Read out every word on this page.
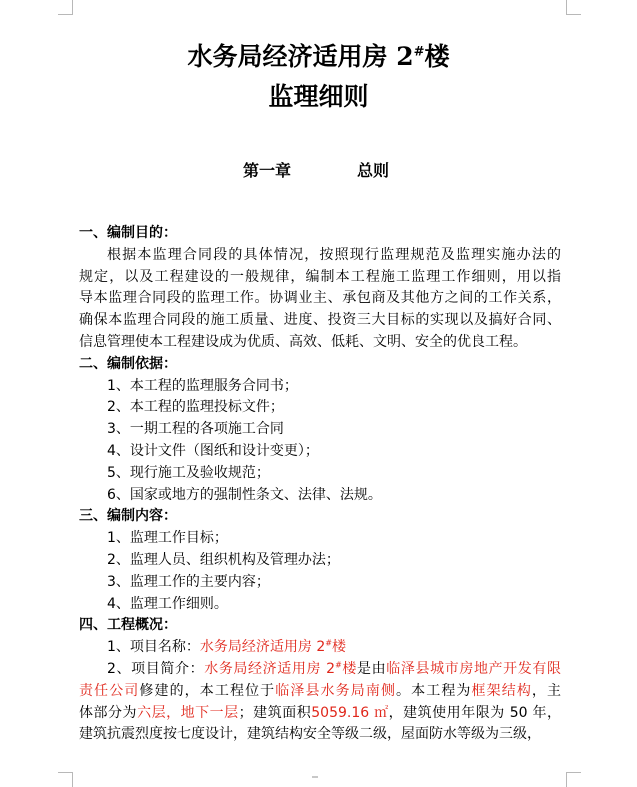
水务局经济适用房 2#楼
监理细则
第一章	总则
一、编制目的：
根据本监理合同段的具体情况，按照现行监理规范及监理实施办法的
规定，以及工程建设的一般规律，编制本工程施工监理工作细则，用以指
导本监理合同段的监理工作。协调业主、承包商及其他方之间的工作关系，
确保本监理合同段的施工质量、进度、投资三大目标的实现以及搞好合同、
信息管理使本工程建设成为优质、高效、低耗、文明、安全的优良工程。
二、编制依据：
1、本工程的监理服务合同书；
2、本工程的监理投标文件；
3、一期工程的各项施工合同
4、设计文件（图纸和设计变更）；
5、现行施工及验收规范；
6、国家或地方的强制性条文、法律、法规。
三、编制内容：
1、监理工作目标；
2、监理人员、组织机构及管理办法；
3、监理工作的主要内容；
4、监理工作细则。
四、工程概况：
1、项目名称：水务局经济适用房 2#楼
2、项目简介：水务局经济适用房 2#楼是由临泽县城市房地产开发有限
责任公司修建的，本工程位于临泽县水务局南侧。本工程为框架结构，主
体部分为六层，地下一层；建筑面积5059.16 ㎡，建筑使用年限为 50 年，
建筑抗震烈度按七度设计，建筑结构安全等级二级，屋面防水等级为三级，
